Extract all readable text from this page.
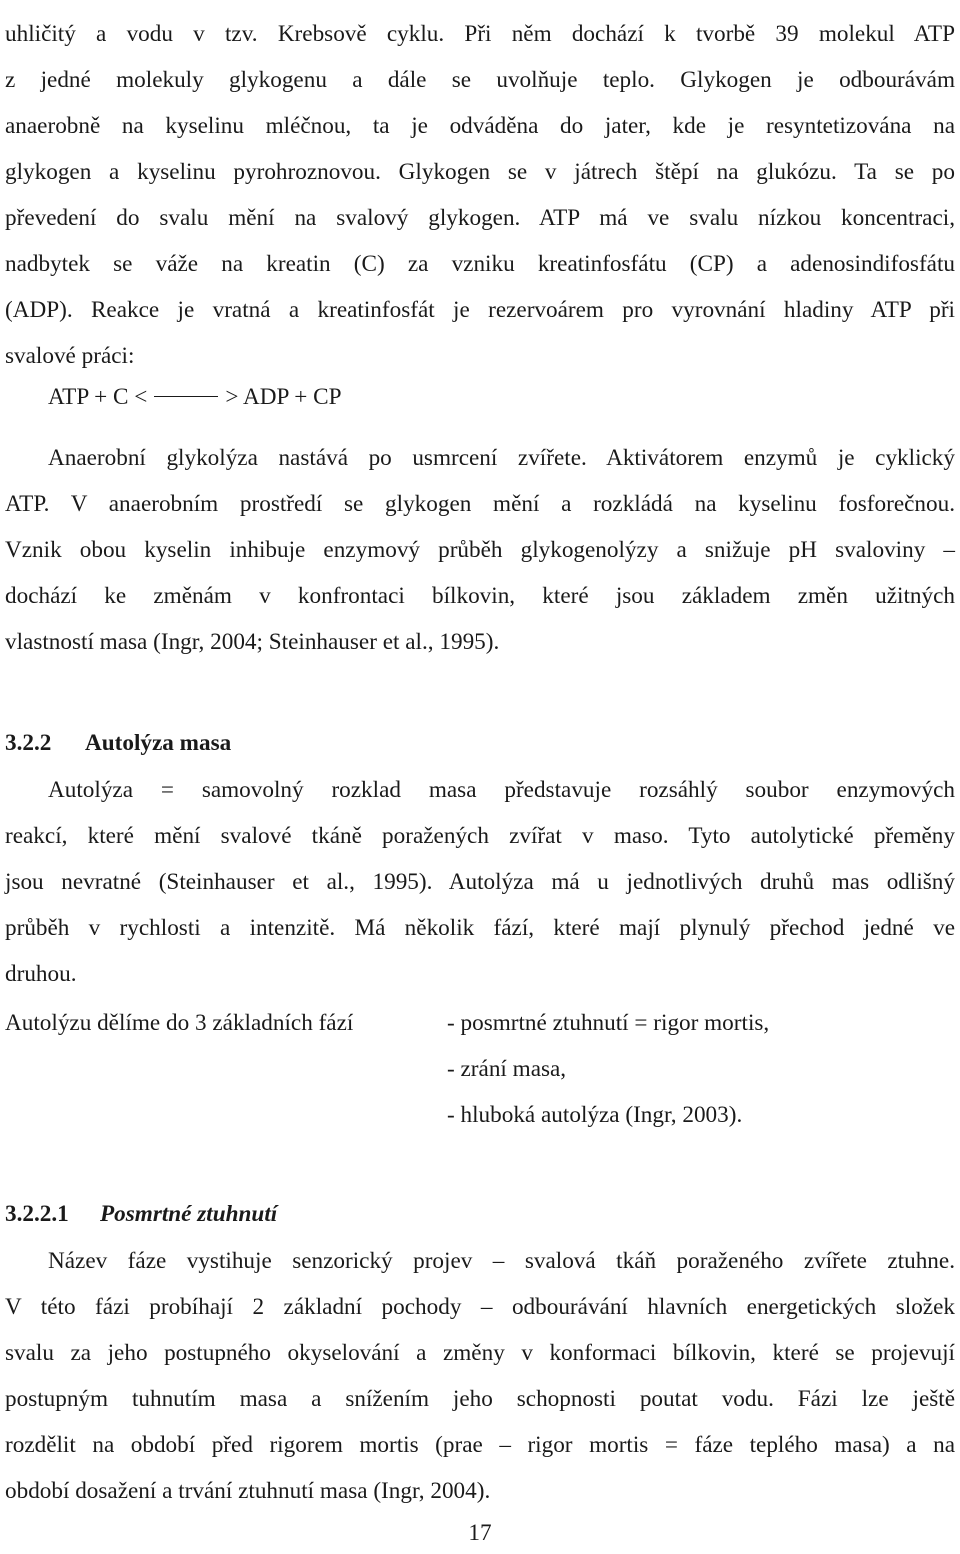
uhličitý a vodu v tzv. Krebsově cyklu. Při něm dochází k tvorbě 39 molekul ATP
z jedné molekuly glykogenu a dále se uvolňuje teplo. Glykogen je odbourávám
anaerobně na kyselinu mléčnou, ta je odváděna do jater, kde je resyntetizována na
glykogen a kyselinu pyrohroznovou. Glykogen se v játrech štěpí na glukózu. Ta se po
převedení do svalu mění na svalový glykogen. ATP má ve svalu nízkou koncentraci,
nadbytek se váže na kreatin (C) za vzniku kreatinfosfátu (CP) a adenosindifosfátu
(ADP). Reakce je vratná a kreatinfosfát je rezervoárem pro vyrovnání hladiny ATP při
svalové práci:
ATP + C <	> ADP + CP
Anaerobní glykolýza nastává po usmrcení zvířete. Aktivátorem enzymů je cyklický
ATP. V anaerobním prostředí se glykogen mění a rozkládá na kyselinu fosforečnou.
Vznik obou kyselin inhibuje enzymový průběh glykogenolýzy a snižuje pH svaloviny –
dochází ke změnám v konfrontaci bílkovin, které jsou základem změn užitných
vlastností masa (Ingr, 2004; Steinhauser et al., 1995).
3.2.2 Autolýza masa
Autolýza = samovolný rozklad masa představuje rozsáhlý soubor enzymových
reakcí, které mění svalové tkáně poražených zvířat v maso. Tyto autolytické přeměny
jsou nevratné (Steinhauser et al., 1995). Autolýza má u jednotlivých druhů mas odlišný
průběh v rychlosti a intenzitě. Má několik fází, které mají plynulý přechod jedné ve
druhou.
Autolýzu dělíme do 3 základních fází	- posmrtné ztuhnutí = rigor mortis,
- zrání masa,
- hluboká autolýza (Ingr, 2003).
3.2.2.1 Posmrtné ztuhnutí
Název fáze vystihuje senzorický projev – svalová tkáň poraženého zvířete ztuhne.
V této fázi probíhají 2 základní pochody – odbourávání hlavních energetických složek
svalu za jeho postupného okyselování a změny v konformaci bílkovin, které se projevují
postupným tuhnutím masa a snížením jeho schopnosti poutat vodu. Fázi lze ještě
rozdělit na období před rigorem mortis (prae – rigor mortis = fáze teplého masa) a na
období dosažení a trvání ztuhnutí masa (Ingr, 2004).
17
